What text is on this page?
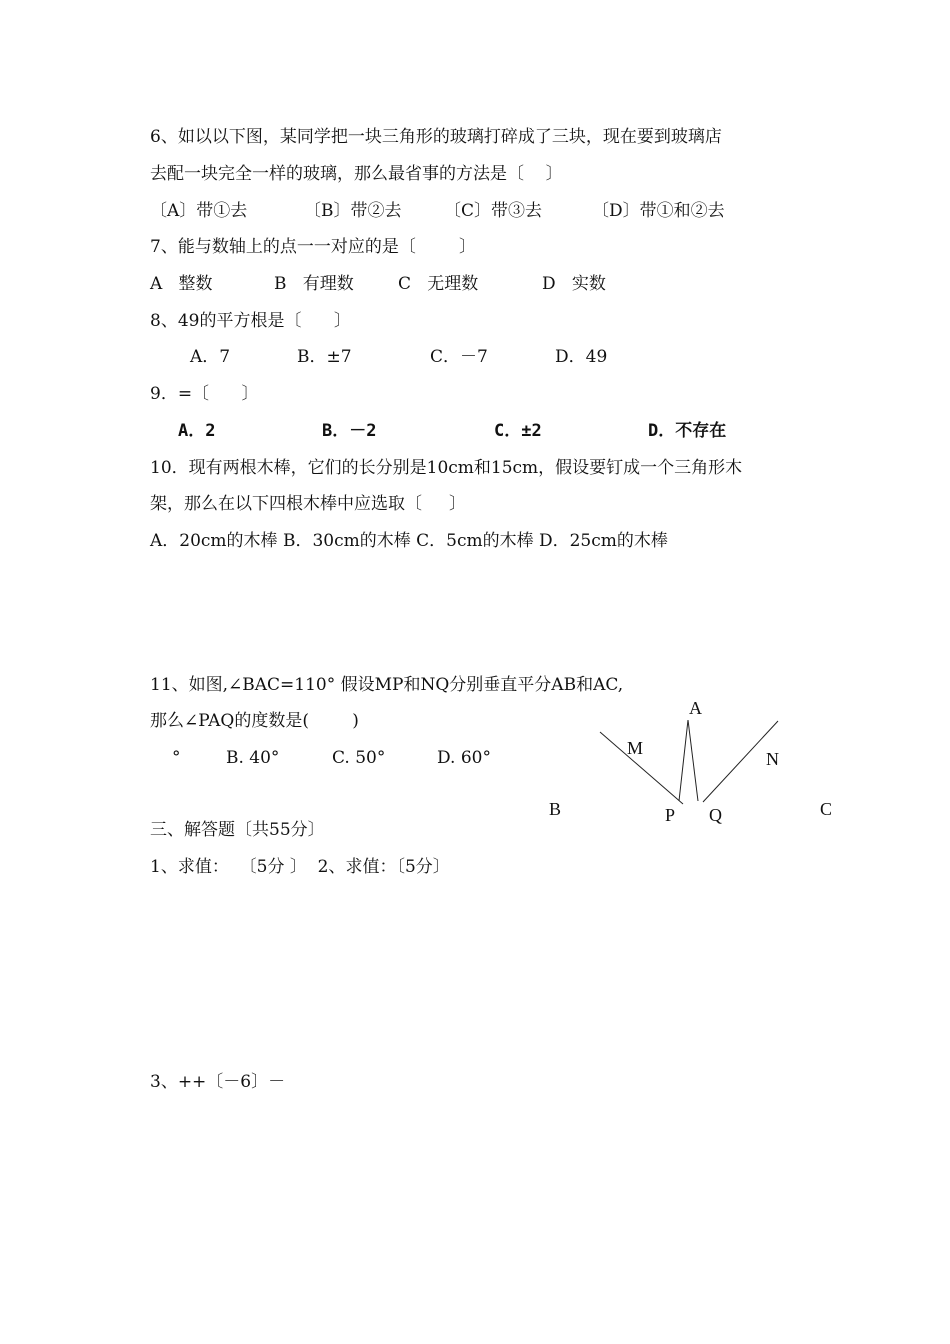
6、如以以下图，某同学把一块三角形的玻璃打碎成了三块，现在要到玻璃店
去配一块完全一样的玻璃，那么最省事的方法是〔    〕
〔A〕带①去	〔B〕带②去	〔C〕带③去	〔D〕带①和②去
7、能与数轴上的点一一对应的是〔        〕
A   整数	B   有理数	C   无理数	D   实数
8、49的平方根是〔      〕
A．7	B．±7	C．－7	D．49
9．=〔      〕
A．2	B．－2	C．±2	D．不存在
10．现有两根木棒，它们的长分别是10cm和15cm，假设要钉成一个三角形木
架，那么在以下四根木棒中应选取〔     〕
A．20cm的木棒 B．30cm的木棒 C．5cm的木棒 D．25cm的木棒
11、如图,∠BAC=110° 假设MP和NQ分别垂直平分AB和AC,
那么∠PAQ的度数是(        )
°	B. 40°	C. 50°	D. 60°
A
M
N
B	P Q	C
三、解答题〔共55分〕
1、求值：  〔5分 〕  2、求值：〔5分〕
3、++〔－6〕－
